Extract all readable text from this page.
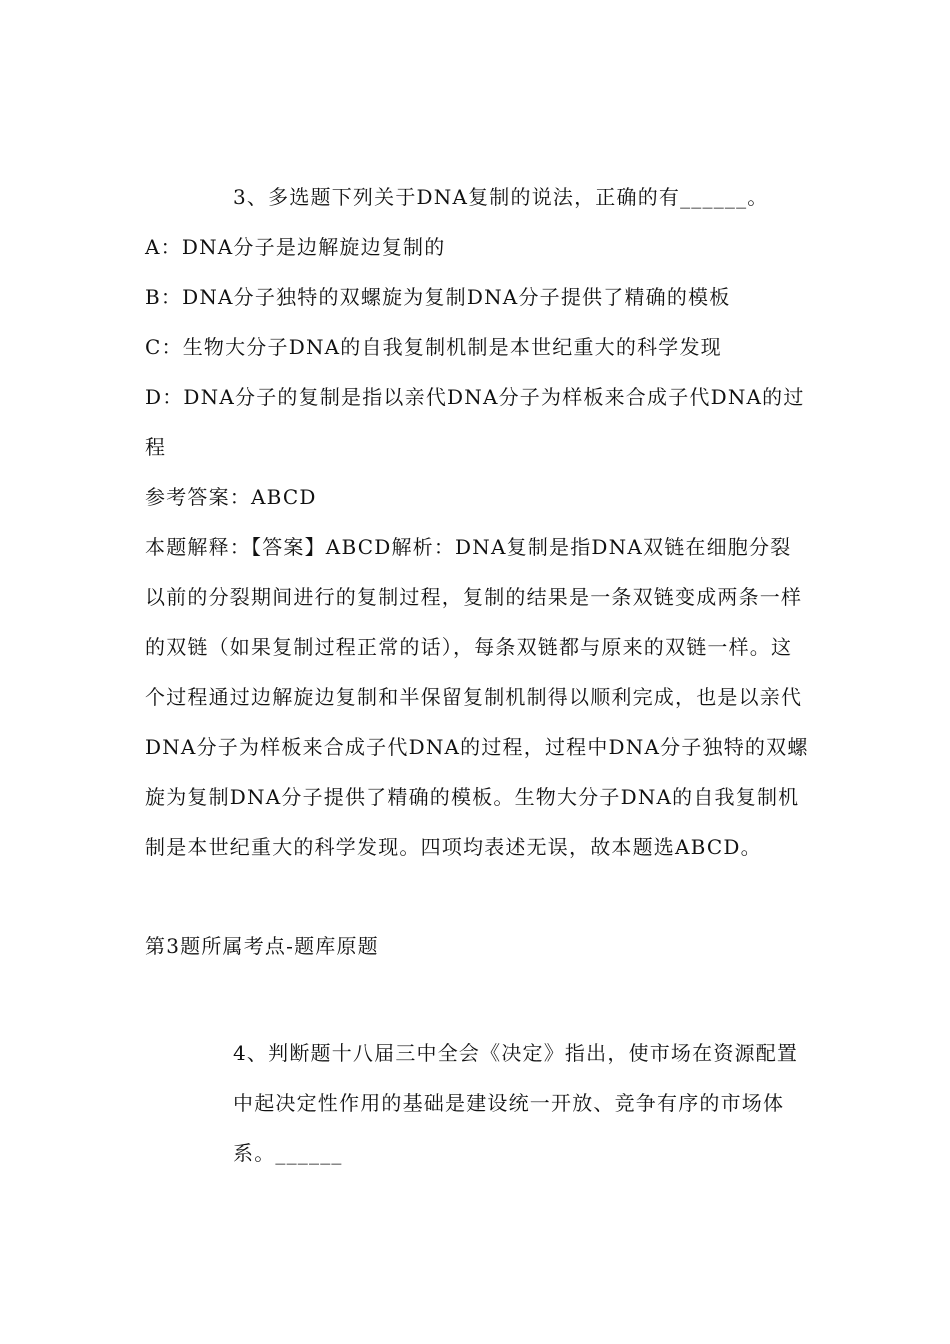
3、多选题下列关于DNA复制的说法，正确的有______。
A：DNA分子是边解旋边复制的
B：DNA分子独特的双螺旋为复制DNA分子提供了精确的模板
C：生物大分子DNA的自我复制机制是本世纪重大的科学发现
D：DNA分子的复制是指以亲代DNA分子为样板来合成子代DNA的过程
参考答案：ABCD
本题解释：【答案】ABCD解析：DNA复制是指DNA双链在细胞分裂以前的分裂期间进行的复制过程，复制的结果是一条双链变成两条一样的双链（如果复制过程正常的话），每条双链都与原来的双链一样。这个过程通过边解旋边复制和半保留复制机制得以顺利完成，也是以亲代DNA分子为样板来合成子代DNA的过程，过程中DNA分子独特的双螺旋为复制DNA分子提供了精确的模板。生物大分子DNA的自我复制机制是本世纪重大的科学发现。四项均表述无误，故本题选ABCD。
第3题所属考点-题库原题
4、判断题十八届三中全会《决定》指出，使市场在资源配置中起决定性作用的基础是建设统一开放、竞争有序的市场体系。______
